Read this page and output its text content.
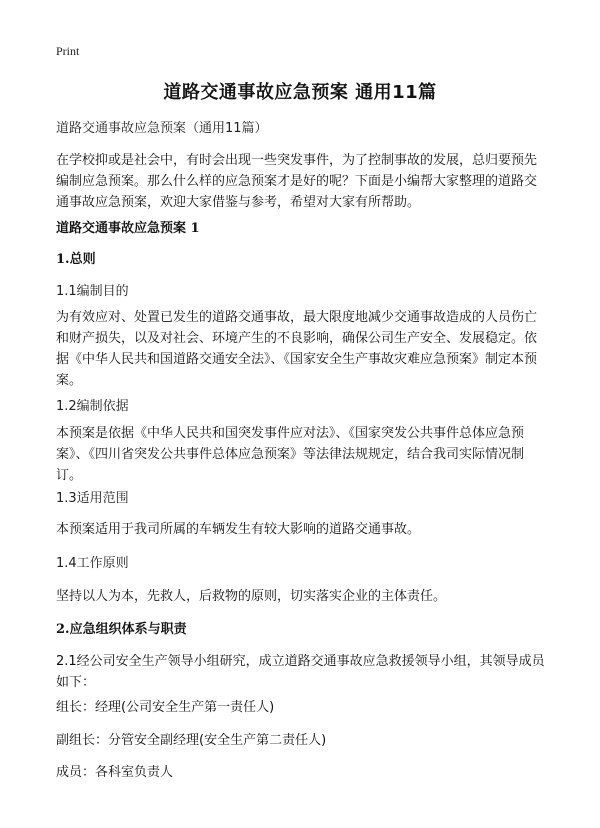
Print
道路交通事故应急预案 通用11篇

道路交通事故应急预案（通用11篇）

在学校抑或是社会中，有时会出现一些突发事件，为了控制事故的发展，总归要预先编制应急预案。那么什么样的应急预案才是好的呢？下面是小编帮大家整理的道路交通事故应急预案，欢迎大家借鉴与参考，希望对大家有所帮助。

道路交通事故应急预案 1

1.总则

1.1编制目的

为有效应对、处置已发生的道路交通事故，最大限度地减少交通事故造成的人员伤亡和财产损失，以及对社会、环境产生的不良影响，确保公司生产安全、发展稳定。依据《中华人民共和国道路交通安全法》、《国家安全生产事故灾难应急预案》制定本预案。

1.2编制依据

本预案是依据《中华人民共和国突发事件应对法》、《国家突发公共事件总体应急预案》、《四川省突发公共事件总体应急预案》等法律法规规定，结合我司实际情况制订。

1.3适用范围

本预案适用于我司所属的车辆发生有较大影响的道路交通事故。

1.4工作原则

坚持以人为本，先救人，后救物的原则，切实落实企业的主体责任。

2.应急组织体系与职责

2.1经公司安全生产领导小组研究，成立道路交通事故应急救援领导小组，其领导成员如下：

组长：经理(公司安全生产第一责任人)

副组长：分管安全副经理(安全生产第二责任人)

成员：各科室负责人
